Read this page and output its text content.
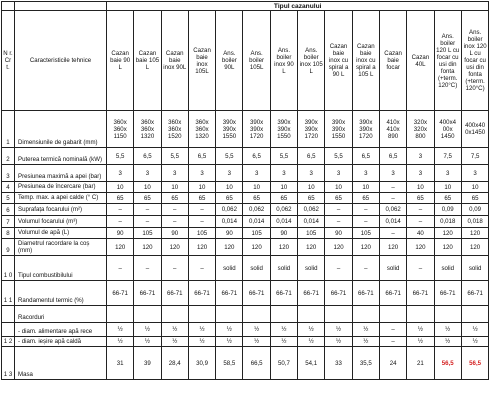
		Tipul cazanului													
N r. Cr t.	Caracteristicile tehnice	Cazan baie 90 L	Cazan baie 105 L	Cazan baie inox 90L	Cazan baie inox 105L	Ans. boiler 90L	Ans. boiler 105L	Ans. boiler inox 90 L	Ans. boiler inox 105 L	Cazan baie inox cu spiral a 90 L	Cazan baie inox cu spiral a 105 L	Cazan baie focar	Cazan 40L	Ans. boiler 120 L cu focar cu usi din fonta (+term. 120°C)	Ans. boiler inox 120 L cu focar cu usi din fonta (+term. 120°C)
1	Dimensiunile de gabarit (mm)	360x 360x 1150	360x 360x 1320	360x 360x 1520	360x 360x 1320	390x 390x 1550	390x 390x 1720	390x 390x 1550	390x 390x 1720	390x 390x 1550	390x 390x 1720	410x 410x 890	320x 320x 800	400x4 00x 1450	400x40 0x1450
2	Puterea termică nominală (kW)	5,5	6,5	5,5	6,5	5,5	6,5	5,5	6,5	5,5	6,5	6,5	3	7,5	7,5
3	Presiunea maximă a apei (bar)	3	3	3	3	3	3	3	3	3	3	3	3	3	3
4	Presiunea de încercare (bar)	10	10	10	10	10	10	10	10	10	10	–	10	10	10
5	Temp. max. a apei calde (° C)	65	65	65	65	65	65	65	65	65	65	–	65	65	65
6	Suprafața focarului (m²)	–	–	–	–	0,062	0,062	0,062	0,062	–	–	0,062	–	0,09	0,09
7	Volumul focarului (m³)	–	–	–	–	0,014	0,014	0,014	0,014	–	–	0,014	–	0,018	0,018
8	Volumul de apă (L)	90	105	90	105	90	105	90	105	90	105	–	40	120	120
9	Diametrul racordare la coș (mm)	120	120	120	120	120	120	120	120	120	120	120	120	120	120
1 0	Tipul combustibilului	–	–	–	–	solid	solid	solid	solid	–	–	solid	–	solid	solid
1 1	Randamentul termic (%)	66-71	66-71	66-71	66-71	66-71	66-71	66-71	66-71	66-71	66-71	66-71	66-71	66-71	66-71
	Racorduri														
	- diam. alimentare apă rece	½	½	½	½	½	½	½	½	½	½	–	½	½	½
1 2	- diam. ieșire apă caldă	½	½	½	½	½	½	½	½	½	½	–	½	½	½
1 3	Masa	31	39	28,4	30,9	58,5	66,5	50,7	54,1	33	35,5	24	21	56,5	56,5
